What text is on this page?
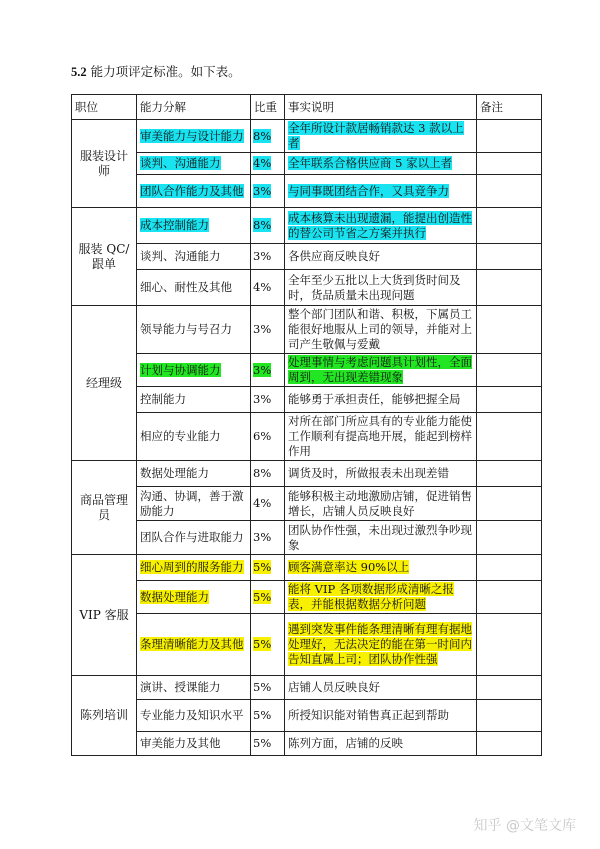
5.2 能力项评定标准。如下表。
职位	能力分解	比重	事实说明	备注
服装设计师	审美能力与设计能力	8%	全年所设计款居畅销款达 3 款以上者	
	谈判、沟通能力	4%	全年联系合格供应商 5 家以上者	
	团队合作能力及其他	3%	与同事既团结合作，又具竞争力	
服装 QC/跟单	成本控制能力	8%	成本核算未出现遗漏，能提出创造性的替公司节省之方案并执行	
	谈判、沟通能力	3%	各供应商反映良好	
	细心、耐性及其他	4%	全年至少五批以上大货到货时间及时，货品质量未出现问题	
经理级	领导能力与号召力	3%	整个部门团队和谐、积极，下属员工能很好地服从上司的领导，并能对上司产生敬佩与爱戴	
	计划与协调能力	3%	处理事情与考虑问题具计划性，全面周到，无出现差错现象	
	控制能力	3%	能够勇于承担责任，能够把握全局	
	相应的专业能力	6%	对所在部门所应具有的专业能力能使工作顺利有提高地开展，能起到榜样作用	
商品管理员	数据处理能力	8%	调货及时，所做报表未出现差错	
	沟通、协调，善于激励能力	4%	能够积极主动地激励店铺，促进销售增长，店铺人员反映良好	
	团队合作与进取能力	3%	团队协作性强，未出现过激烈争吵现象	
VIP 客服	细心周到的服务能力	5%	顾客满意率达 90%以上	
	数据处理能力	5%	能将 VIP 各项数据形成清晰之报表，并能根据数据分析问题	
	条理清晰能力及其他	5%	遇到突发事件能条理清晰有理有据地处理好，无法决定的能在第一时间内告知直属上司；团队协作性强	
陈列培训	演讲、授课能力	5%	店铺人员反映良好	
	专业能力及知识水平	5%	所授知识能对销售真正起到帮助	
	审美能力及其他	5%	陈列方面，店铺的反映	
知乎 @文笔文库
